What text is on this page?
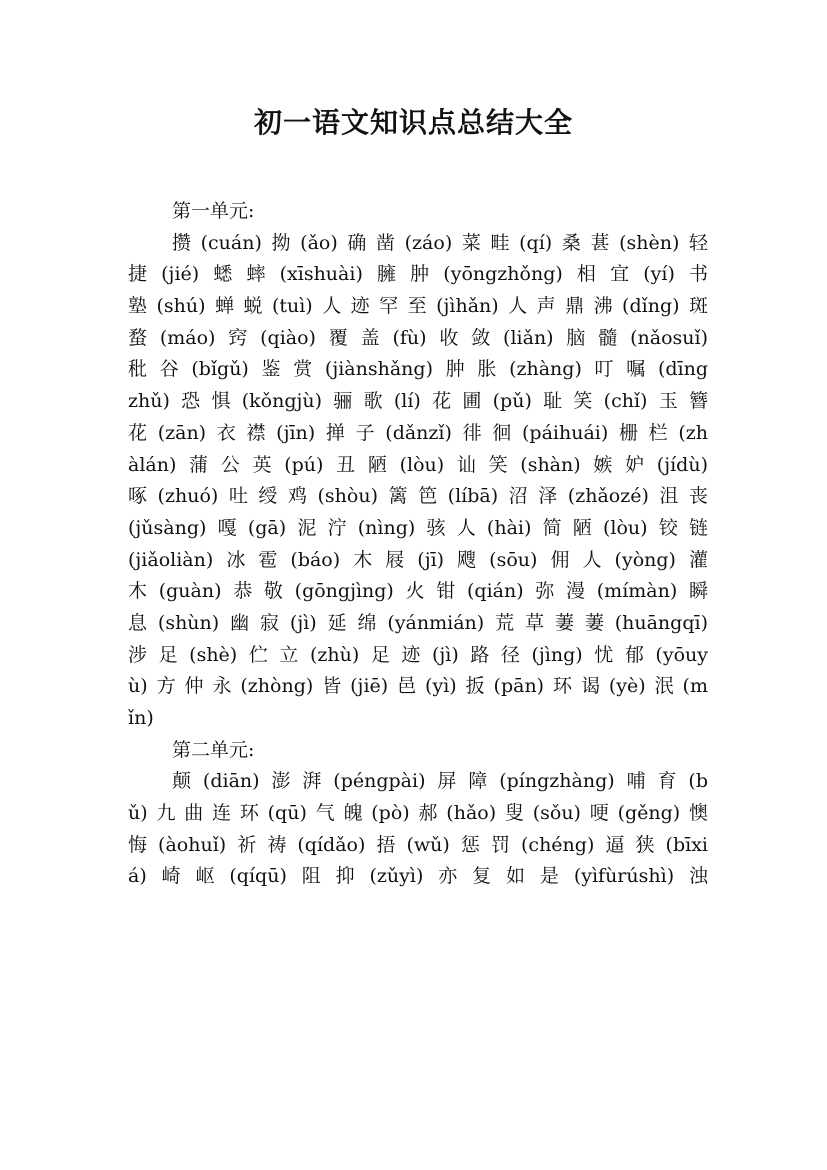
初一语文知识点总结大全
第一单元:
攒(cuán)拗(ǎo)确凿(záo)菜畦(qí)桑葚(shèn)轻
捷(jié)蟋蟀(xīshuài)臃肿(yōngzhǒng)相宜(yí)书
塾(shú)蝉蜕(tuì)人迹罕至(jìhǎn)人声鼎沸(dǐng)斑
蝥(máo)窍(qiào)覆盖(fù)收敛(liǎn)脑髓(nǎosuǐ)
秕谷(bǐgǔ)鉴赏(jiànshǎng)肿胀(zhàng)叮嘱(dīng
zhǔ)恐惧(kǒngjù)骊歌(lí)花圃(pǔ)耻笑(chǐ)玉簪
花(zān)衣襟(jīn)掸子(dǎnzǐ)徘徊(páihuái)栅栏(zh
àlán)蒲公英(pú)丑陋(lòu)讪笑(shàn)嫉妒(jídù)
啄(zhuó)吐绶鸡(shòu)篱笆(líbā)沼泽(zhǎozé)沮丧
(jǔsàng)嘎(gā)泥泞(nìng)骇人(hài)简陋(lòu)铰链
(jiǎoliàn)冰雹(báo)木屐(jī)飕(sōu)佣人(yòng)灌
木(guàn)恭敬(gōngjìng)火钳(qián)弥漫(mímàn)瞬
息(shùn)幽寂(jì)延绵(yánmián)荒草萋萋(huāngqī)
涉足(shè)伫立(zhù)足迹(jì)路径(jìng)忧郁(yōuy
ù)方仲永(zhòng)皆(jiē)邑(yì)扳(pān)环谒(yè)泯(m
ǐn)
第二单元:
颠(diān)澎湃(péngpài)屏障(píngzhàng)哺育(b
ǔ)九曲连环(qū)气魄(pò)郝(hǎo)叟(sǒu)哽(gěng)懊
悔(àohuǐ)祈祷(qídǎo)捂(wǔ)惩罚(chéng)逼狭(bīxi
á)崎岖(qíqū)阻抑(zǔyì)亦复如是(yìfùrúshì)浊
